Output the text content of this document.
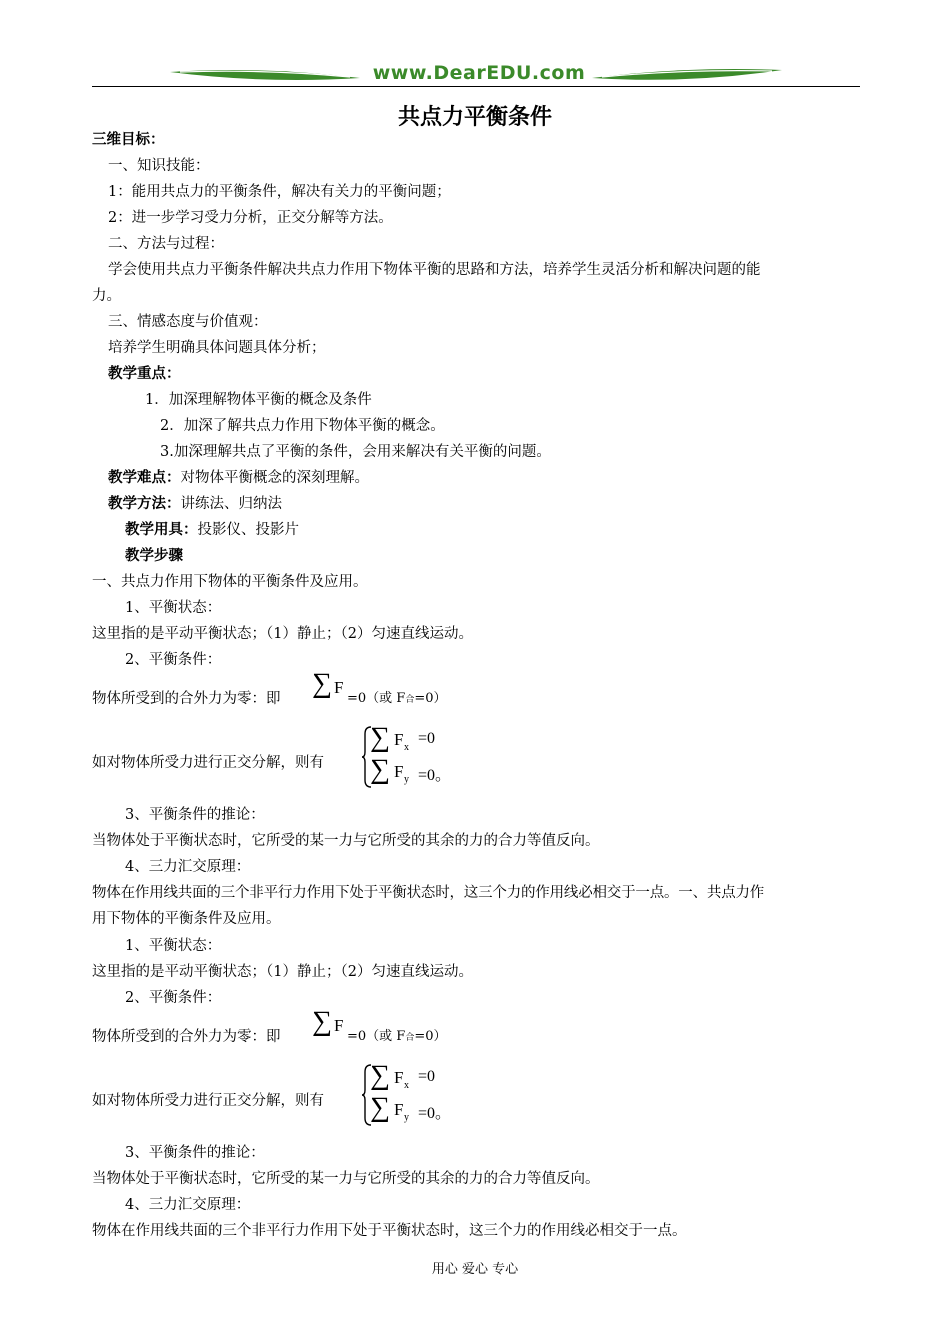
www.DearEDU.com
共点力平衡条件
三维目标：
一、知识技能：
1：能用共点力的平衡条件，解决有关力的平衡问题；
2：进一步学习受力分析，正交分解等方法。
二、方法与过程：
学会使用共点力平衡条件解决共点力作用下物体平衡的思路和方法，培养学生灵活分析和解决问题的能
力。
三、情感态度与价值观：
培养学生明确具体问题具体分析；
教学重点：
1．加深理解物体平衡的概念及条件
2．加深了解共点力作用下物体平衡的概念。
3.加深理解共点了平衡的条件，会用来解决有关平衡的问题。
教学难点：对物体平衡概念的深刻理解。
教学方法：讲练法、归纳法
教学用具：投影仪、投影片
教学步骤
一、共点力作用下物体的平衡条件及应用。
1、平衡状态：
这里指的是平动平衡状态；（1）静止；（2）匀速直线运动。
2、平衡条件：
物体所受到的合外力为零：即 ∑ F
=0（或 F合=0）
如对物体所受力进行正交分解，则有
∑ F x
=0
∑ F y =0。
3、平衡条件的推论：
当物体处于平衡状态时，它所受的某一力与它所受的其余的力的合力等值反向。
4、三力汇交原理：
物体在作用线共面的三个非平行力作用下处于平衡状态时，这三个力的作用线必相交于一点。一、共点力作
用下物体的平衡条件及应用。
1、平衡状态：
这里指的是平动平衡状态；（1）静止；（2）匀速直线运动。
2、平衡条件：
物体所受到的合外力为零：即 ∑ F
=0（或 F合=0）
如对物体所受力进行正交分解，则有
∑ F x
=0
∑ F y =0。
3、平衡条件的推论：
当物体处于平衡状态时，它所受的某一力与它所受的其余的力的合力等值反向。
4、三力汇交原理：
物体在作用线共面的三个非平行力作用下处于平衡状态时，这三个力的作用线必相交于一点。
用心 爱心 专心
